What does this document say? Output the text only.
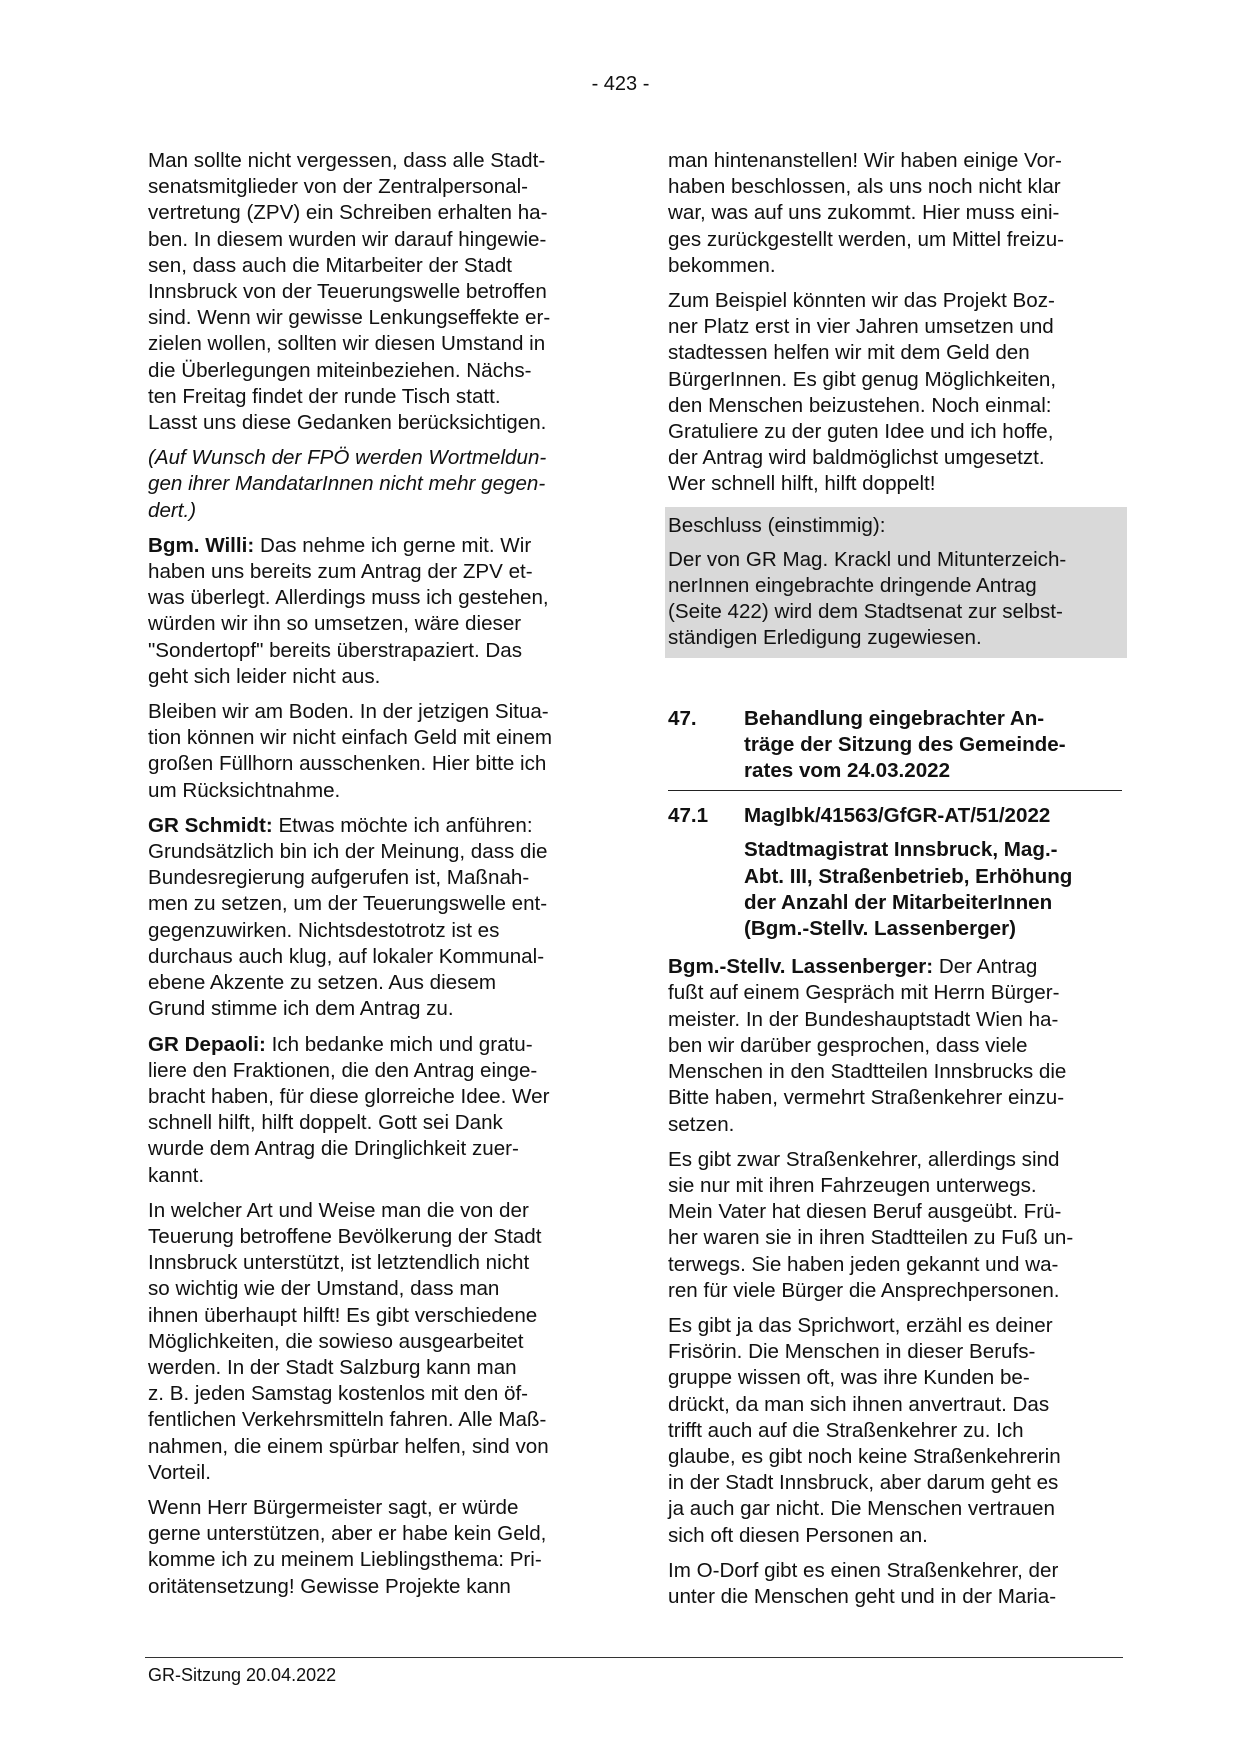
- 423 -

Man sollte nicht vergessen, dass alle Stadt-
senatsmitglieder von der Zentralpersonal-
vertretung (ZPV) ein Schreiben erhalten ha-
ben. In diesem wurden wir darauf hingewie-
sen, dass auch die Mitarbeiter der Stadt
Innsbruck von der Teuerungswelle betroffen
sind. Wenn wir gewisse Lenkungseffekte er-
zielen wollen, sollten wir diesen Umstand in
die Überlegungen miteinbeziehen. Nächs-
ten Freitag findet der runde Tisch statt.
Lasst uns diese Gedanken berücksichtigen.

(Auf Wunsch der FPÖ werden Wortmeldun-
gen ihrer MandatarInnen nicht mehr gegen-
dert.)

Bgm. Willi: Das nehme ich gerne mit. Wir
haben uns bereits zum Antrag der ZPV et-
was überlegt. Allerdings muss ich gestehen,
würden wir ihn so umsetzen, wäre dieser
"Sondertopf" bereits überstrapaziert. Das
geht sich leider nicht aus.

Bleiben wir am Boden. In der jetzigen Situa-
tion können wir nicht einfach Geld mit einem
großen Füllhorn ausschenken. Hier bitte ich
um Rücksichtnahme.

GR Schmidt: Etwas möchte ich anführen:
Grundsätzlich bin ich der Meinung, dass die
Bundesregierung aufgerufen ist, Maßnah-
men zu setzen, um der Teuerungswelle ent-
gegenzuwirken. Nichtsdestotrotz ist es
durchaus auch klug, auf lokaler Kommunal-
ebene Akzente zu setzen. Aus diesem
Grund stimme ich dem Antrag zu.

GR Depaoli: Ich bedanke mich und gratu-
liere den Fraktionen, die den Antrag einge-
bracht haben, für diese glorreiche Idee. Wer
schnell hilft, hilft doppelt. Gott sei Dank
wurde dem Antrag die Dringlichkeit zuer-
kannt.

In welcher Art und Weise man die von der
Teuerung betroffene Bevölkerung der Stadt
Innsbruck unterstützt, ist letztendlich nicht
so wichtig wie der Umstand, dass man
ihnen überhaupt hilft! Es gibt verschiedene
Möglichkeiten, die sowieso ausgearbeitet
werden. In der Stadt Salzburg kann man
z. B. jeden Samstag kostenlos mit den öf-
fentlichen Verkehrsmitteln fahren. Alle Maß-
nahmen, die einem spürbar helfen, sind von
Vorteil.

Wenn Herr Bürgermeister sagt, er würde
gerne unterstützen, aber er habe kein Geld,
komme ich zu meinem Lieblingsthema: Pri-
oritätensetzung! Gewisse Projekte kann

man hintenanstellen! Wir haben einige Vor-
haben beschlossen, als uns noch nicht klar
war, was auf uns zukommt. Hier muss eini-
ges zurückgestellt werden, um Mittel freizu-
bekommen.

Zum Beispiel könnten wir das Projekt Boz-
ner Platz erst in vier Jahren umsetzen und
stadtessen helfen wir mit dem Geld den
BürgerInnen. Es gibt genug Möglichkeiten,
den Menschen beizustehen. Noch einmal:
Gratuliere zu der guten Idee und ich hoffe,
der Antrag wird baldmöglichst umgesetzt.
Wer schnell hilft, hilft doppelt!

Beschluss (einstimmig):

Der von GR Mag. Krackl und Mitunterzeich-
nerInnen eingebrachte dringende Antrag
(Seite 422) wird dem Stadtsenat zur selbst-
ständigen Erledigung zugewiesen.

47.	Behandlung eingebrachter An-
träge der Sitzung des Gemeinde-
rates vom 24.03.2022
47.1	MagIbk/41563/GfGR-AT/51/2022
Stadtmagistrat Innsbruck, Mag.-
Abt. III, Straßenbetrieb, Erhöhung
der Anzahl der MitarbeiterInnen
(Bgm.-Stellv. Lassenberger)

Bgm.-Stellv. Lassenberger: Der Antrag
fußt auf einem Gespräch mit Herrn Bürger-
meister. In der Bundeshauptstadt Wien ha-
ben wir darüber gesprochen, dass viele
Menschen in den Stadtteilen Innsbrucks die
Bitte haben, vermehrt Straßenkehrer einzu-
setzen.

Es gibt zwar Straßenkehrer, allerdings sind
sie nur mit ihren Fahrzeugen unterwegs.
Mein Vater hat diesen Beruf ausgeübt. Frü-
her waren sie in ihren Stadtteilen zu Fuß un-
terwegs. Sie haben jeden gekannt und wa-
ren für viele Bürger die Ansprechpersonen.

Es gibt ja das Sprichwort, erzähl es deiner
Frisörin. Die Menschen in dieser Berufs-
gruppe wissen oft, was ihre Kunden be-
drückt, da man sich ihnen anvertraut. Das
trifft auch auf die Straßenkehrer zu. Ich
glaube, es gibt noch keine Straßenkehrerin
in der Stadt Innsbruck, aber darum geht es
ja auch gar nicht. Die Menschen vertrauen
sich oft diesen Personen an.

Im O-Dorf gibt es einen Straßenkehrer, der
unter die Menschen geht und in der Maria-

GR-Sitzung 20.04.2022
